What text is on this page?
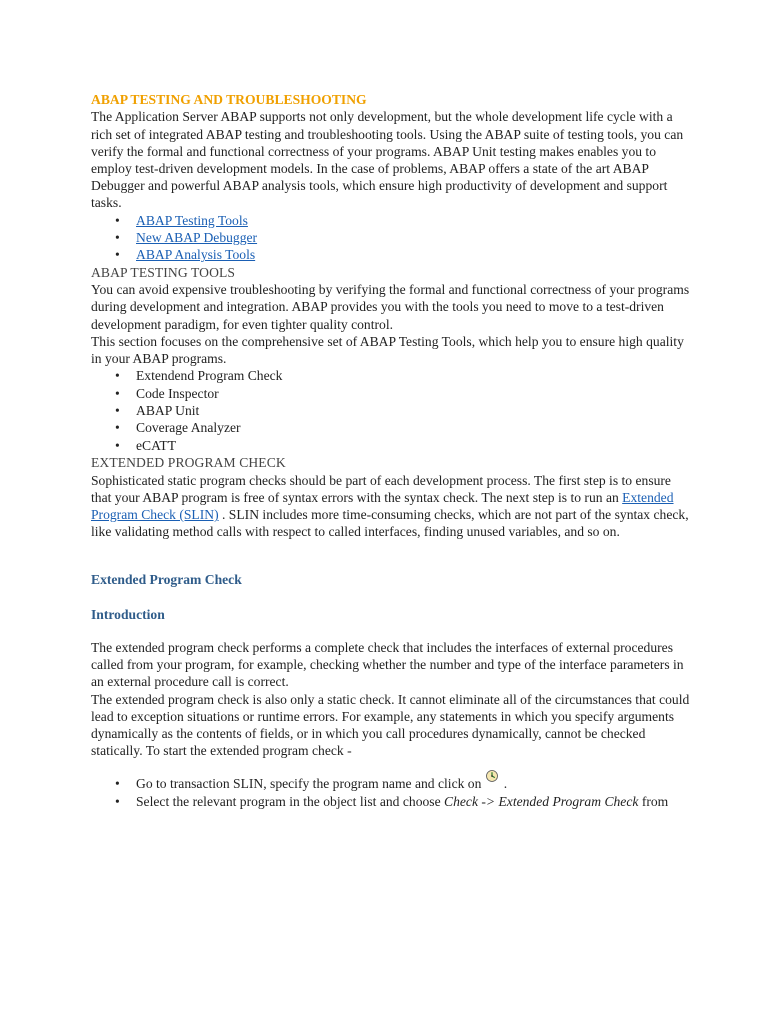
ABAP TESTING AND TROUBLESHOOTING

The Application Server ABAP supports not only development, but the whole development life cycle with a rich set of integrated ABAP testing and troubleshooting tools. Using the ABAP suite of testing tools, you can verify the formal and functional correctness of your programs. ABAP Unit testing makes enables you to employ test-driven development models. In the case of problems, ABAP offers a state of the art ABAP Debugger and powerful ABAP analysis tools, which ensure high productivity of development and support tasks.

• ABAP Testing Tools
• New ABAP Debugger
• ABAP Analysis Tools

ABAP TESTING TOOLS

You can avoid expensive troubleshooting by verifying the formal and functional correctness of your programs during development and integration. ABAP provides you with the tools you need to move to a test-driven development paradigm, for even tighter quality control.

This section focuses on the comprehensive set of ABAP Testing Tools, which help you to ensure high quality in your ABAP programs.

• Extendend Program Check
• Code Inspector
• ABAP Unit
• Coverage Analyzer
• eCATT

EXTENDED PROGRAM CHECK

Sophisticated static program checks should be part of each development process. The first step is to ensure that your ABAP program is free of syntax errors with the syntax check. The next step is to run an Extended Program Check (SLIN) . SLIN includes more time-consuming checks, which are not part of the syntax check, like validating method calls with respect to called interfaces, finding unused variables, and so on.

Extended Program Check

Introduction

The extended program check performs a complete check that includes the interfaces of external procedures called from your program, for example, checking whether the number and type of the interface parameters in an external procedure call is correct.

The extended program check is also only a static check. It cannot eliminate all of the circumstances that could lead to exception situations or runtime errors. For example, any statements in which you specify arguments dynamically as the contents of fields, or in which you call procedures dynamically, cannot be checked statically. To start the extended program check -

• Go to transaction SLIN, specify the program name and click on .
• Select the relevant program in the object list and choose Check -> Extended Program Check from
